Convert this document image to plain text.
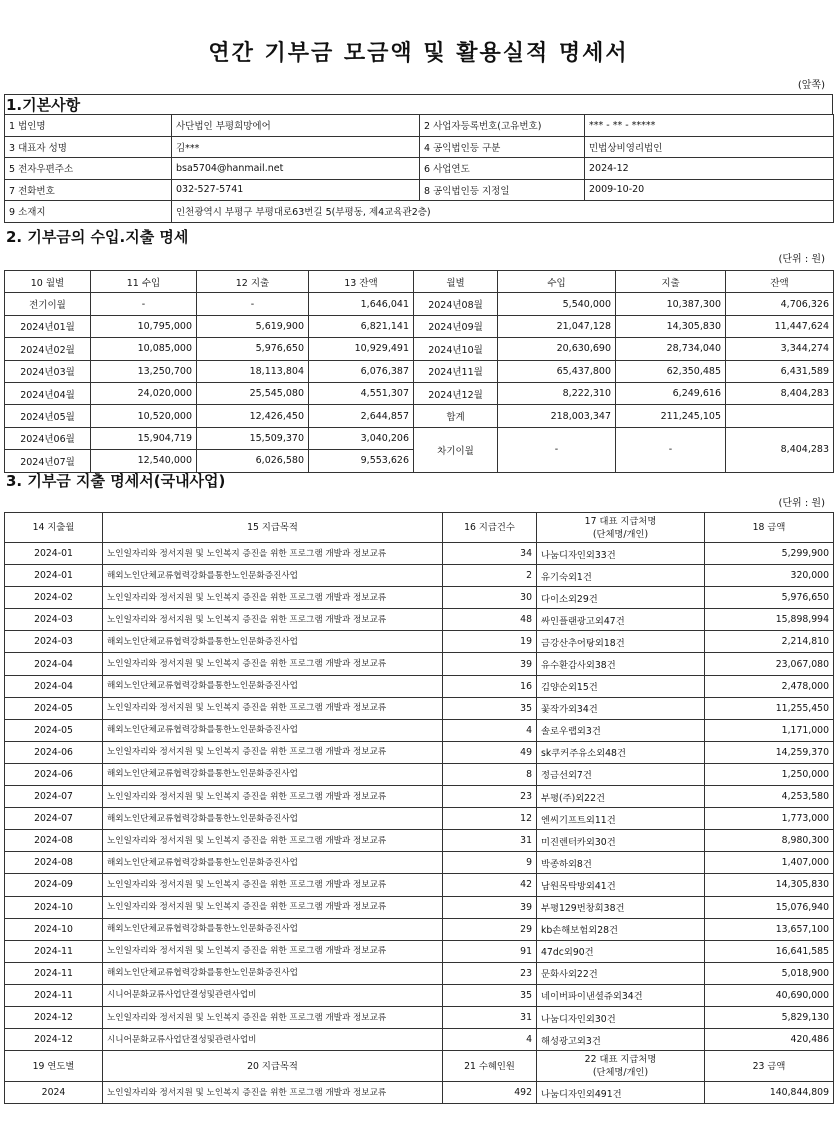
연간 기부금 모금액 및 활용실적 명세서
(앞쪽)
1.기본사항
1 법인명	사단법인 부평희망에어	2 사업자등록번호(고유번호)	*** - ** - *****
3 대표자 성명	김***	4 공익법인등 구분	민법상비영리법인
5 전자우편주소	bsa5704@hanmail.net	6 사업연도	2024-12
7 전화번호	032-527-5741	8 공익법인등 지정일	2009-10-20
9 소재지	인천광역시 부평구 부평대로63번길 5(부평동, 제4교육관2층)		
2. 기부금의 수입.지출 명세
(단위 : 원)
10 월별	11 수입	12 지출	13 잔액	월별	수입	지출	잔액
전기이월	-	-	1,646,041	2024년08월	5,540,000	10,387,300	4,706,326
2024년01월	10,795,000	5,619,900	6,821,141	2024년09월	21,047,128	14,305,830	11,447,624
2024년02월	10,085,000	5,976,650	10,929,491	2024년10월	20,630,690	28,734,040	3,344,274
2024년03월	13,250,700	18,113,804	6,076,387	2024년11월	65,437,800	62,350,485	6,431,589
2024년04월	24,020,000	25,545,080	4,551,307	2024년12월	8,222,310	6,249,616	8,404,283
2024년05월	10,520,000	12,426,450	2,644,857	합계	218,003,347	211,245,105	
2024년06월	15,904,719	15,509,370	3,040,206	차기이월	-	-	8,404,283
2024년07월	12,540,000	6,026,580	9,553,626				
3. 기부금 지출 명세서(국내사업)
(단위 : 원)
14 지출월	15 지급목적	16 지급건수	17 대표 지급처명
(단체명/개인)	18 금액
2024-01	노인일자리와 정서지원 및 노인복지 증진을 위한 프로그램 개발과 정보교류	34	나눔디자인외33건	5,299,900
2024-01	해외노인단체교류협력강화를통한노인문화증진사업	2	유기숙외1건	320,000
2024-02	노인일자리와 정서지원 및 노인복지 증진을 위한 프로그램 개발과 정보교류	30	다이소외29건	5,976,650
2024-03	노인일자리와 정서지원 및 노인복지 증진을 위한 프로그램 개발과 정보교류	48	싸인플랜광고외47건	15,898,994
2024-03	해외노인단체교류협력강화를통한노인문화증진사업	19	금강산추어탕외18건	2,214,810
2024-04	노인일자리와 정서지원 및 노인복지 증진을 위한 프로그램 개발과 정보교류	39	유수환감사외38건	23,067,080
2024-04	해외노인단체교류협력강화를통한노인문화증진사업	16	김양순외15건	2,478,000
2024-05	노인일자리와 정서지원 및 노인복지 증진을 위한 프로그램 개발과 정보교류	35	꽃작가외34건	11,255,450
2024-05	해외노인단체교류협력강화를통한노인문화증진사업	4	솔로우랩외3건	1,171,000
2024-06	노인일자리와 정서지원 및 노인복지 증진을 위한 프로그램 개발과 정보교류	49	sk쿠커주유소외48건	14,259,370
2024-06	해외노인단체교류협력강화를통한노인문화증진사업	8	정금선외7건	1,250,000
2024-07	노인일자리와 정서지원 및 노인복지 증진을 위한 프로그램 개발과 정보교류	23	부평(주)외22건	4,253,580
2024-07	해외노인단체교류협력강화를통한노인문화증진사업	12	엔씨기프트외11건	1,773,000
2024-08	노인일자리와 정서지원 및 노인복지 증진을 위한 프로그램 개발과 정보교류	31	미진렌터카외30건	8,980,300
2024-08	해외노인단체교류협력강화를통한노인문화증진사업	9	박종하외8건	1,407,000
2024-09	노인일자리와 정서지원 및 노인복지 증진을 위한 프로그램 개발과 정보교류	42	남원목탁방외41건	14,305,830
2024-10	노인일자리와 정서지원 및 노인복지 증진을 위한 프로그램 개발과 정보교류	39	부평129번창회38건	15,076,940
2024-10	해외노인단체교류협력강화를통한노인문화증진사업	29	kb손해보험외28건	13,657,100
2024-11	노인일자리와 정서지원 및 노인복지 증진을 위한 프로그램 개발과 정보교류	91	47dc외90건	16,641,585
2024-11	해외노인단체교류협력강화를통한노인문화증진사업	23	문화사외22건	5,018,900
2024-11	시니어문화교류사업단결성및관련사업비	35	네이버파이낸셜쥬외34건	40,690,000
2024-12	노인일자리와 정서지원 및 노인복지 증진을 위한 프로그램 개발과 정보교류	31	나눔디자인외30건	5,829,130
2024-12	시니어문화교류사업단결성및관련사업비	4	해성광고외3건	420,486
19 연도별	20 지급목적	21 수혜인원	22 대표 지급처명
(단체명/개인)	23 금액
2024	노인일자리와 정서지원 및 노인복지 증진을 위한 프로그램 개발과 정보교류	492	나눔디자인외491건	140,844,809
